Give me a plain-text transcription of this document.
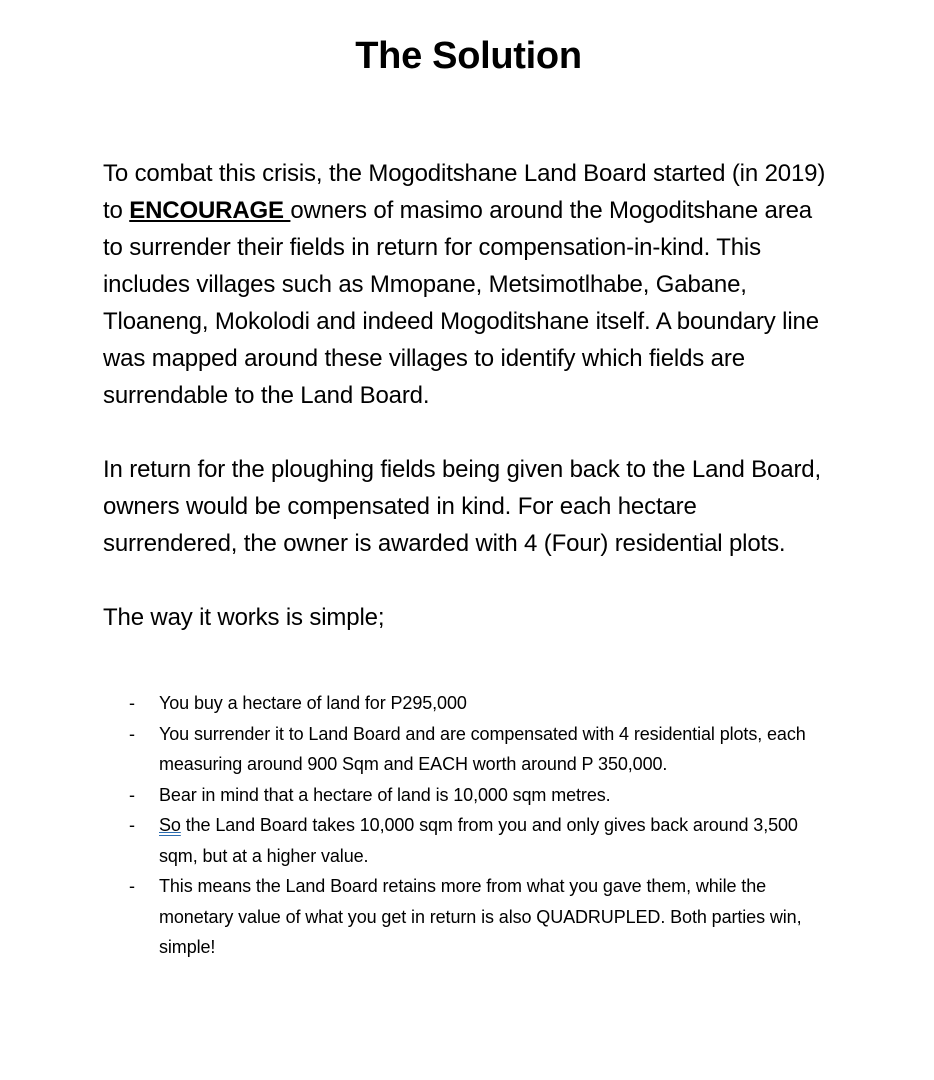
The Solution

To combat this crisis, the Mogoditshane Land Board started (in 2019) to ENCOURAGE owners of masimo around the Mogoditshane area to surrender their fields in return for compensation-in-kind. This includes villages such as Mmopane, Metsimotlhabe, Gabane, Tloaneng, Mokolodi and indeed Mogoditshane itself. A boundary line was mapped around these villages to identify which fields are surrendable to the Land Board.

In return for the ploughing fields being given back to the Land Board, owners would be compensated in kind. For each hectare surrendered, the owner is awarded with 4 (Four) residential plots.

The way it works is simple;

- You buy a hectare of land for P295,000
- You surrender it to Land Board and are compensated with 4 residential plots, each measuring around 900 Sqm and EACH worth around P 350,000.
- Bear in mind that a hectare of land is 10,000 sqm metres.
- So the Land Board takes 10,000 sqm from you and only gives back around 3,500 sqm, but at a higher value.
- This means the Land Board retains more from what you gave them, while the monetary value of what you get in return is also QUADRUPLED. Both parties win, simple!
